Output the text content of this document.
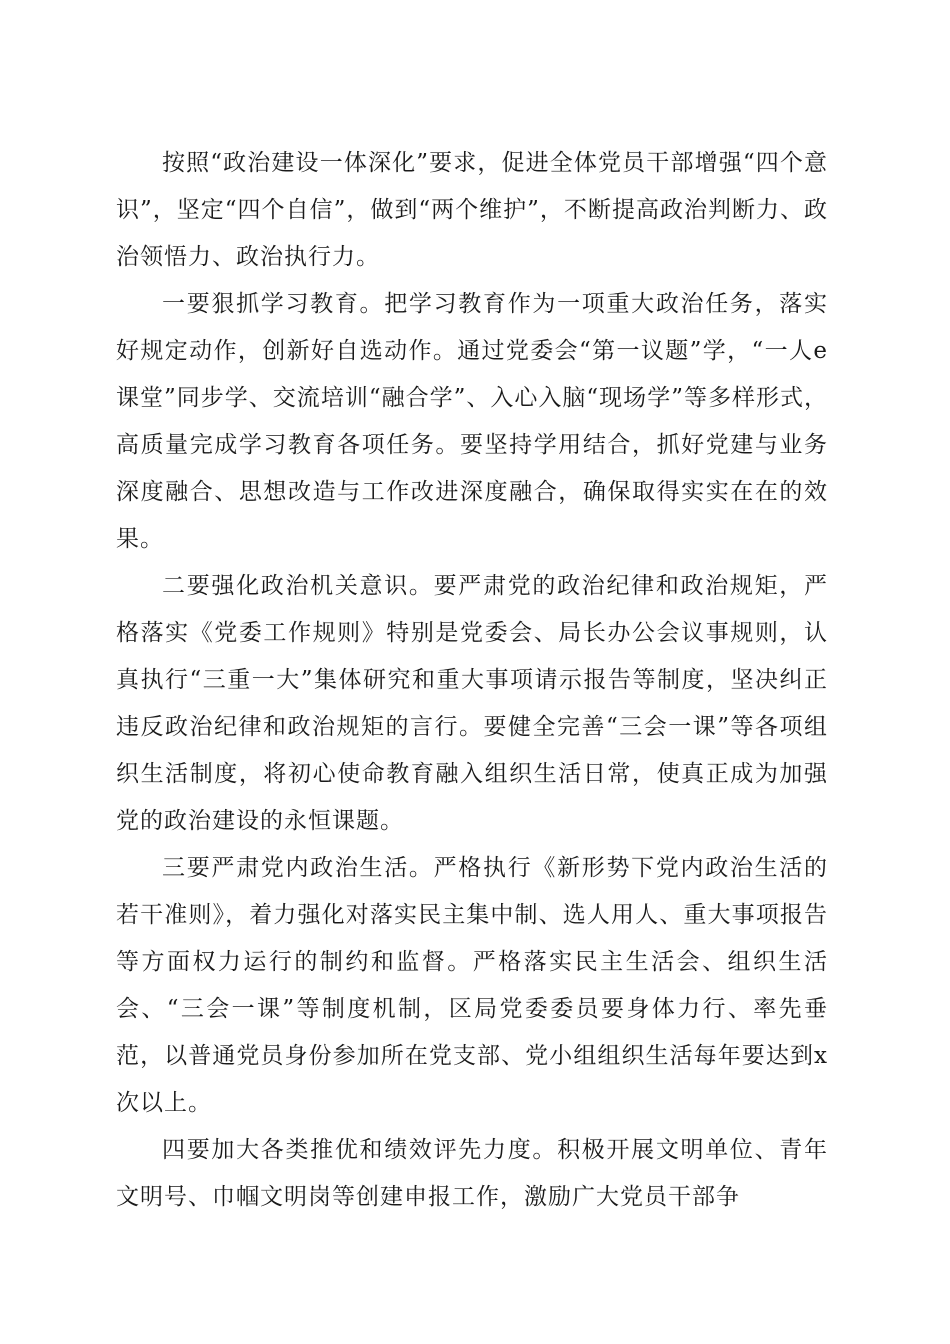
按照“政治建设一体深化”要求，促进全体党员干部增强“四个意识”，坚定“四个自信”，做到“两个维护”，不断提高政治判断力、政治领悟力、政治执行力。

一要狠抓学习教育。把学习教育作为一项重大政治任务，落实好规定动作，创新好自选动作。通过党委会“第一议题”学，“一人e课堂”同步学、交流培训“融合学”、入心入脑“现场学”等多样形式，高质量完成学习教育各项任务。要坚持学用结合，抓好党建与业务深度融合、思想改造与工作改进深度融合，确保取得实实在在的效果。

二要强化政治机关意识。要严肃党的政治纪律和政治规矩，严格落实《党委工作规则》特别是党委会、局长办公会议事规则，认真执行“三重一大”集体研究和重大事项请示报告等制度，坚决纠正违反政治纪律和政治规矩的言行。要健全完善“三会一课”等各项组织生活制度，将初心使命教育融入组织生活日常，使真正成为加强党的政治建设的永恒课题。

三要严肃党内政治生活。严格执行《新形势下党内政治生活的若干准则》，着力强化对落实民主集中制、选人用人、重大事项报告等方面权力运行的制约和监督。严格落实民主生活会、组织生活会、“三会一课”等制度机制，区局党委委员要身体力行、率先垂范，以普通党员身份参加所在党支部、党小组组织生活每年要达到x次以上。

四要加大各类推优和绩效评先力度。积极开展文明单位、青年文明号、巾帼文明岗等创建申报工作，激励广大党员干部争
